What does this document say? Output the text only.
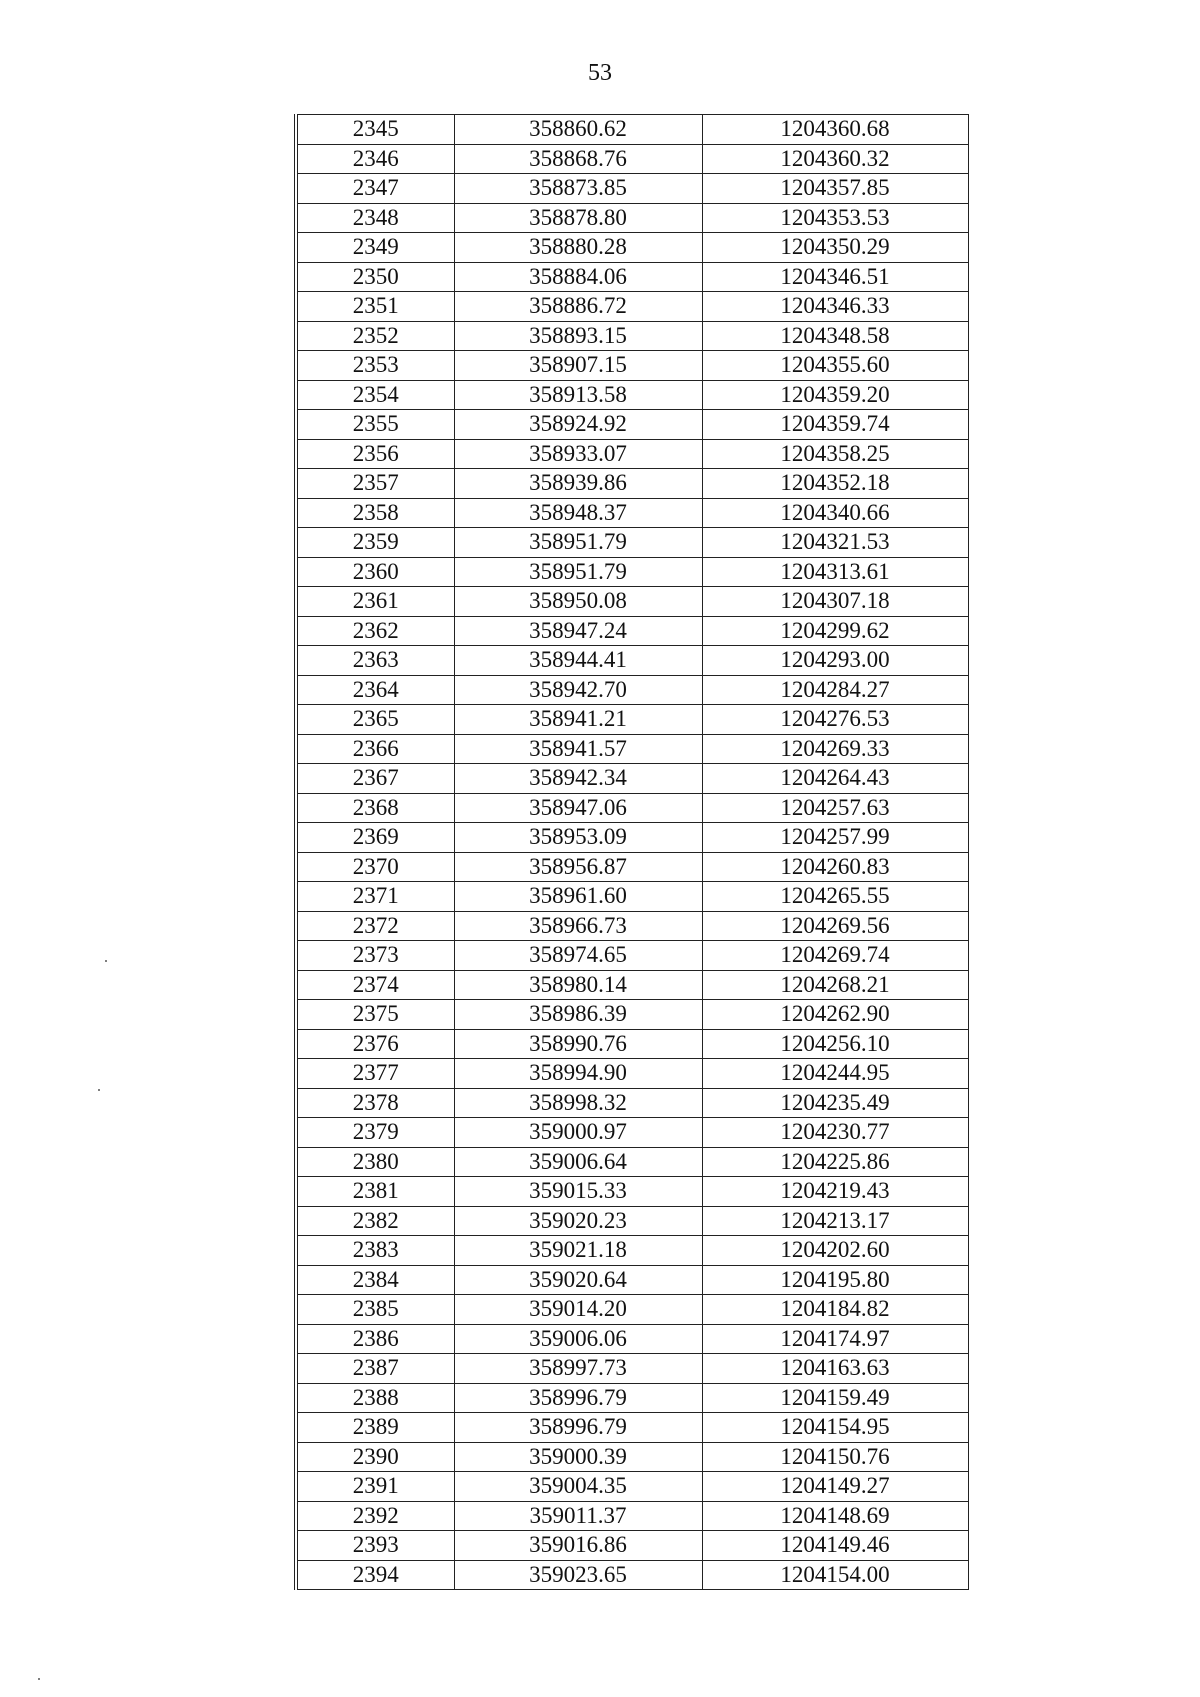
53
2345	358860.62	1204360.68
2346	358868.76	1204360.32
2347	358873.85	1204357.85
2348	358878.80	1204353.53
2349	358880.28	1204350.29
2350	358884.06	1204346.51
2351	358886.72	1204346.33
2352	358893.15	1204348.58
2353	358907.15	1204355.60
2354	358913.58	1204359.20
2355	358924.92	1204359.74
2356	358933.07	1204358.25
2357	358939.86	1204352.18
2358	358948.37	1204340.66
2359	358951.79	1204321.53
2360	358951.79	1204313.61
2361	358950.08	1204307.18
2362	358947.24	1204299.62
2363	358944.41	1204293.00
2364	358942.70	1204284.27
2365	358941.21	1204276.53
2366	358941.57	1204269.33
2367	358942.34	1204264.43
2368	358947.06	1204257.63
2369	358953.09	1204257.99
2370	358956.87	1204260.83
2371	358961.60	1204265.55
2372	358966.73	1204269.56
2373	358974.65	1204269.74
2374	358980.14	1204268.21
2375	358986.39	1204262.90
2376	358990.76	1204256.10
2377	358994.90	1204244.95
2378	358998.32	1204235.49
2379	359000.97	1204230.77
2380	359006.64	1204225.86
2381	359015.33	1204219.43
2382	359020.23	1204213.17
2383	359021.18	1204202.60
2384	359020.64	1204195.80
2385	359014.20	1204184.82
2386	359006.06	1204174.97
2387	358997.73	1204163.63
2388	358996.79	1204159.49
2389	358996.79	1204154.95
2390	359000.39	1204150.76
2391	359004.35	1204149.27
2392	359011.37	1204148.69
2393	359016.86	1204149.46
2394	359023.65	1204154.00
